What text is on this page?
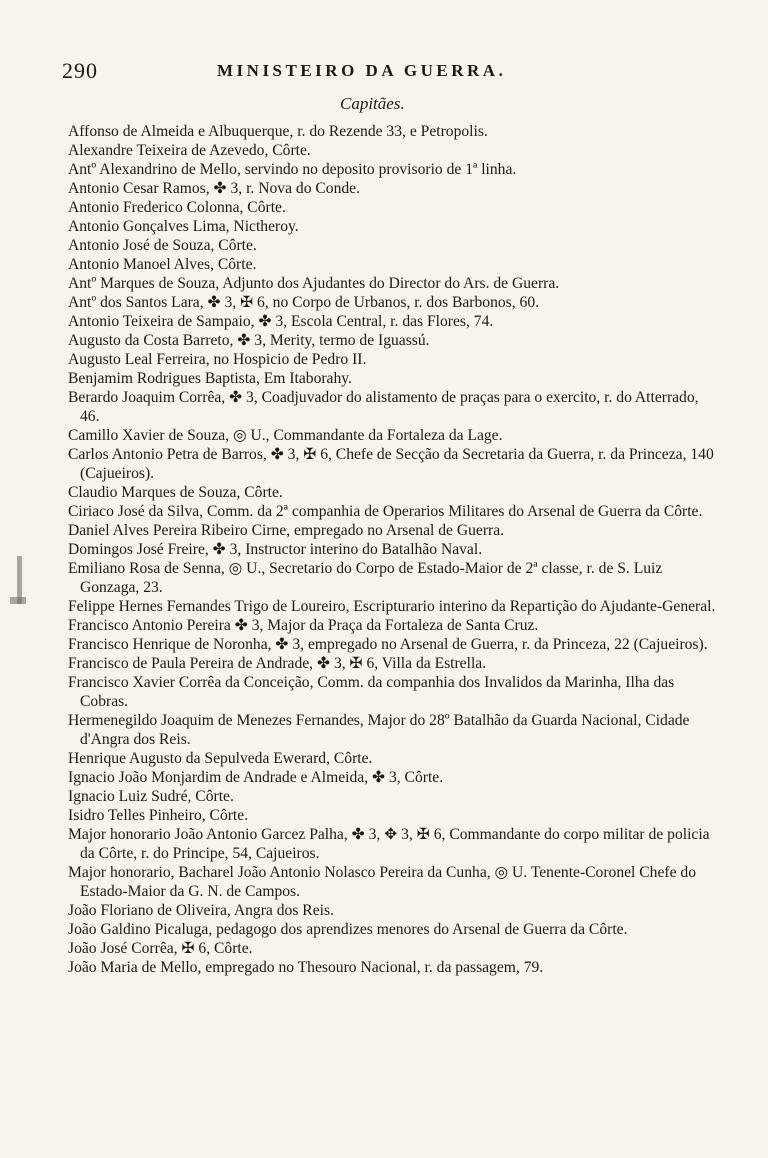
290	MINISTEIRO DA GUERRA.
Capitães.
Affonso de Almeida e Albuquerque, r. do Rezende 33, e Petropolis.
Alexandre Teixeira de Azevedo, Côrte.
Antº Alexandrino de Mello, servindo no deposito provisorio de 1ª linha.
Antonio Cesar Ramos, ✤ 3, r. Nova do Conde.
Antonio Frederico Colonna, Côrte.
Antonio Gonçalves Lima, Nictheroy.
Antonio José de Souza, Côrte.
Antonio Manoel Alves, Côrte.
Antº Marques de Souza, Adjunto dos Ajudantes do Director do Ars. de Guerra.
Antº dos Santos Lara, ✤ 3, ✠ 6, no Corpo de Urbanos, r. dos Barbonos, 60.
Antonio Teixeira de Sampaio, ✤ 3, Escola Central, r. das Flores, 74.
Augusto da Costa Barreto, ✤ 3, Merity, termo de Iguassú.
Augusto Leal Ferreira, no Hospicio de Pedro II.
Benjamim Rodrigues Baptista, Em Itaborahy.
Berardo Joaquim Corrêa, ✤ 3, Coadjuvador do alistamento de praças para o exercito, r. do Atterrado, 46.
Camillo Xavier de Souza, ◎ U., Commandante da Fortaleza da Lage.
Carlos Antonio Petra de Barros, ✤ 3, ✠ 6, Chefe de Secção da Secretaria da Guerra, r. da Princeza, 140 (Cajueiros).
Claudio Marques de Souza, Côrte.
Ciriaco José da Silva, Comm. da 2ª companhia de Operarios Militares do Arsenal de Guerra da Côrte.
Daniel Alves Pereira Ribeiro Cirne, empregado no Arsenal de Guerra.
Domingos José Freire, ✤ 3, Instructor interino do Batalhão Naval.
Emiliano Rosa de Senna, ◎ U., Secretario do Corpo de Estado-Maior de 2ª classe, r. de S. Luiz Gonzaga, 23.
Felippe Hernes Fernandes Trigo de Loureiro, Escripturario interino da Repartição do Ajudante-General.
Francisco Antonio Pereira ✤ 3, Major da Praça da Fortaleza de Santa Cruz.
Francisco Henrique de Noronha, ✤ 3, empregado no Arsenal de Guerra, r. da Princeza, 22 (Cajueiros).
Francisco de Paula Pereira de Andrade, ✤ 3, ✠ 6, Villa da Estrella.
Francisco Xavier Corrêa da Conceição, Comm. da companhia dos Invalidos da Marinha, Ilha das Cobras.
Hermenegildo Joaquim de Menezes Fernandes, Major do 28º Batalhão da Guarda Nacional, Cidade d'Angra dos Reis.
Henrique Augusto da Sepulveda Ewerard, Côrte.
Ignacio João Monjardim de Andrade e Almeida, ✤ 3, Côrte.
Ignacio Luiz Sudré, Côrte.
Isidro Telles Pinheiro, Côrte.
Major honorario João Antonio Garcez Palha, ✤ 3, ✥ 3, ✠ 6, Commandante do corpo militar de policia da Côrte, r. do Principe, 54, Cajueiros.
Major honorario, Bacharel João Antonio Nolasco Pereira da Cunha, ◎ U. Tenente-Coronel Chefe do Estado-Maior da G. N. de Campos.
João Floriano de Oliveira, Angra dos Reis.
João Galdino Picaluga, pedagogo dos aprendizes menores do Arsenal de Guerra da Côrte.
João José Corrêa, ✠ 6, Côrte.
João Maria de Mello, empregado no Thesouro Nacional, r. da passagem, 79.
